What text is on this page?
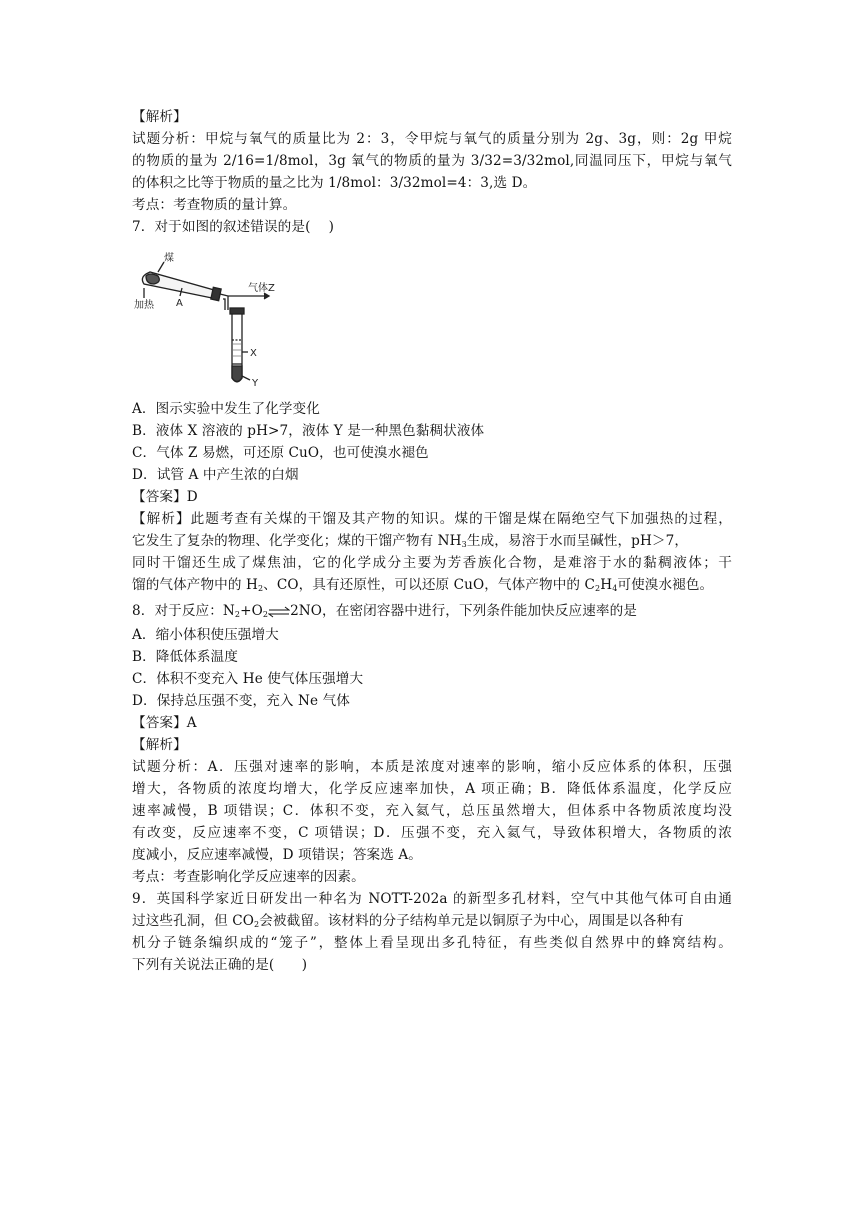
【解析】
试题分析：甲烷与氧气的质量比为 2：3，令甲烷与氧气的质量分别为 2g、3g，则：2g 甲烷
的物质的量为 2/16=1/8mol，3g 氧气的物质的量为 3/32=3/32mol,同温同压下，甲烷与氧气
的体积之比等于物质的量之比为 1/8mol：3/32mol=4：3,选 D。
考点：考查物质的量计算。
7．对于如图的叙述错误的是(　 )
煤
加热 A
气体Z
X
Y
A．图示实验中发生了化学变化
B．液体 X 溶液的 pH>7，液体 Y 是一种黑色黏稠状液体
C．气体 Z 易燃，可还原 CuO，也可使溴水褪色
D．试管 A 中产生浓的白烟
【答案】D
【解析】此题考查有关煤的干馏及其产物的知识。煤的干馏是煤在隔绝空气下加强热的过程，
它发生了复杂的物理、化学变化；煤的干馏产物有 $NH_3$生成，易溶于水而呈碱性，pH＞7，
同时干馏还生成了煤焦油，它的化学成分主要为芳香族化合物，是难溶于水的黏稠液体；干
馏的气体产物中的 $H_2$、CO，具有还原性，可以还原 CuO，气体产物中的 $C_2H_4$可使溴水褪色。
8．对于反应：$N_2+O_2\rightleftharpoons 2NO$，在密闭容器中进行，下列条件能加快反应速率的是
A．缩小体积使压强增大
B．降低体系温度
C．体积不变充入 He 使气体压强增大
D．保持总压强不变，充入 Ne 气体
【答案】A
【解析】
试题分析：A．压强对速率的影响，本质是浓度对速率的影响，缩小反应体系的体积，压强
增大，各物质的浓度均增大，化学反应速率加快，A 项正确；B．降低体系温度，化学反应
速率减慢，B 项错误；C．体积不变，充入氦气，总压虽然增大，但体系中各物质浓度均没
有改变，反应速率不变，C 项错误；D．压强不变，充入氦气，导致体积增大，各物质的浓
度减小，反应速率减慢，D 项错误；答案选 A。
考点：考查影响化学反应速率的因素。
9．英国科学家近日研发出一种名为 NOTT-202a 的新型多孔材料，空气中其他气体可自由通
过这些孔洞，但 $CO_2$会被截留。该材料的分子结构单元是以铜原子为中心，周围是以各种有
机分子链条编织成的“笼子”，整体上看呈现出多孔特征，有些类似自然界中的蜂窝结构。
下列有关说法正确的是(　　)
